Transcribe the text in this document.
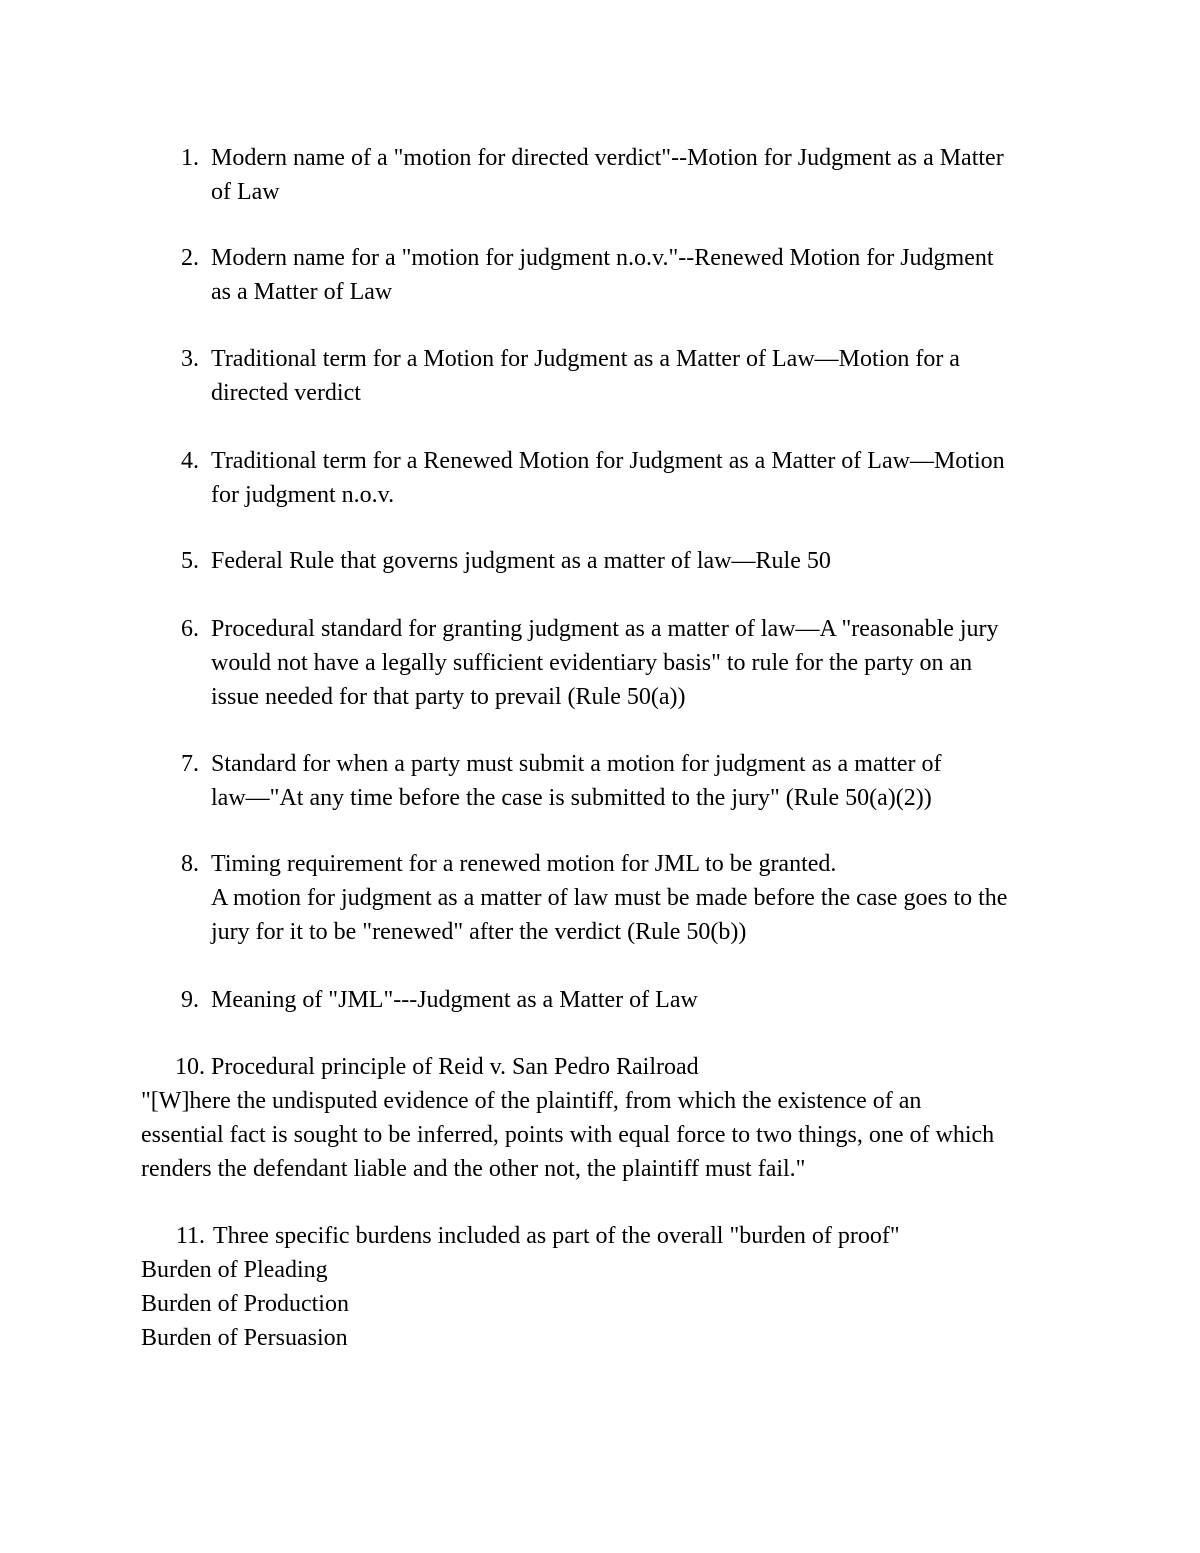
1. Modern name of a "motion for directed verdict"--Motion for Judgment as a Matter
of Law
2. Modern name for a "motion for judgment n.o.v."--Renewed Motion for Judgment
as a Matter of Law
3. Traditional term for a Motion for Judgment as a Matter of Law—Motion for a
directed verdict
4. Traditional term for a Renewed Motion for Judgment as a Matter of Law—Motion
for judgment n.o.v.
5. Federal Rule that governs judgment as a matter of law—Rule 50
6. Procedural standard for granting judgment as a matter of law—A "reasonable jury
would not have a legally sufficient evidentiary basis" to rule for the party on an
issue needed for that party to prevail (Rule 50(a))
7. Standard for when a party must submit a motion for judgment as a matter of
law—"At any time before the case is submitted to the jury" (Rule 50(a)(2))
8. Timing requirement for a renewed motion for JML to be granted.
A motion for judgment as a matter of law must be made before the case goes to the
jury for it to be "renewed" after the verdict (Rule 50(b))
9. Meaning of "JML"---Judgment as a Matter of Law
10. Procedural principle of Reid v. San Pedro Railroad
"[W]here the undisputed evidence of the plaintiff, from which the existence of an
essential fact is sought to be inferred, points with equal force to two things, one of which
renders the defendant liable and the other not, the plaintiff must fail."
11. Three specific burdens included as part of the overall "burden of proof"
Burden of Pleading
Burden of Production
Burden of Persuasion
